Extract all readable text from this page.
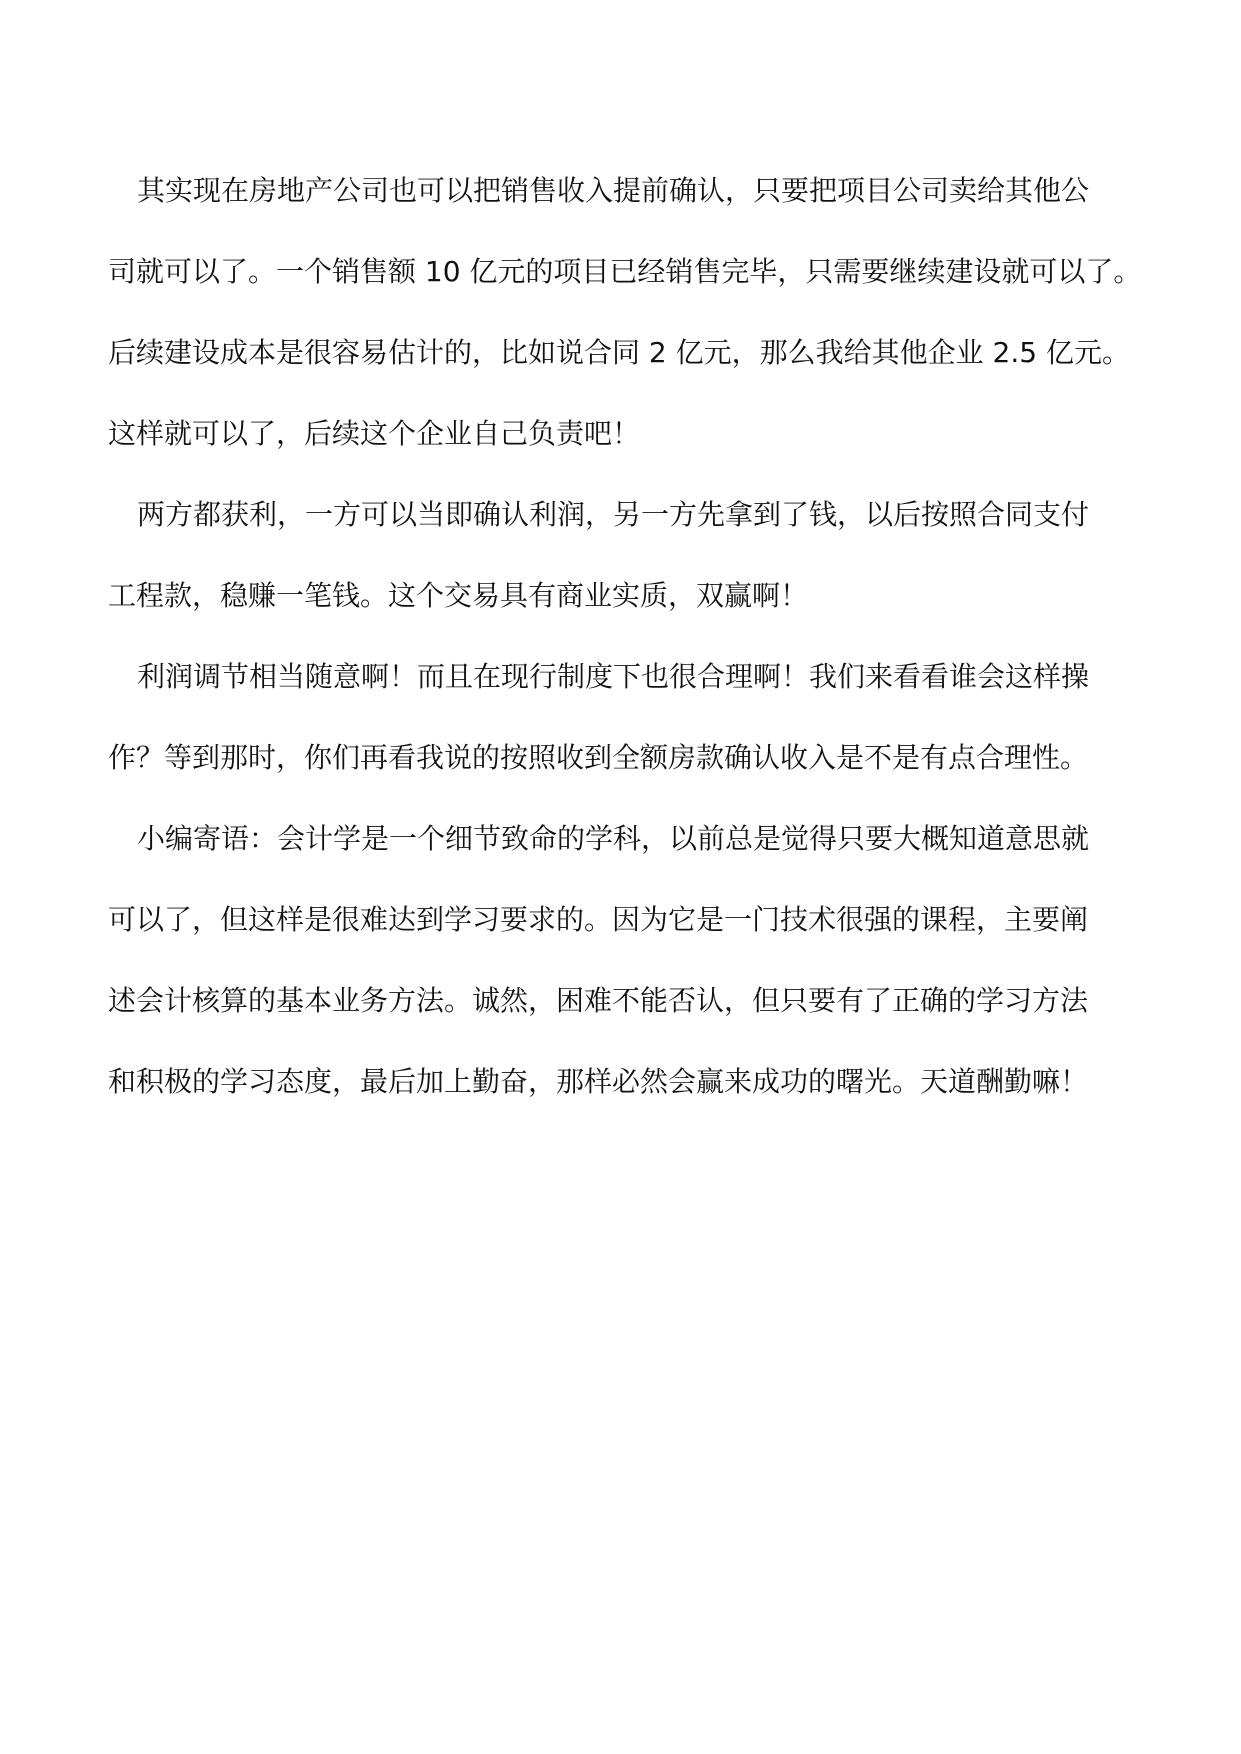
其实现在房地产公司也可以把销售收入提前确认，只要把项目公司卖给其他公
司就可以了。一个销售额 10 亿元的项目已经销售完毕，只需要继续建设就可以了。
后续建设成本是很容易估计的，比如说合同 2 亿元，那么我给其他企业 2.5 亿元。
这样就可以了，后续这个企业自己负责吧！
两方都获利，一方可以当即确认利润，另一方先拿到了钱，以后按照合同支付
工程款，稳赚一笔钱。这个交易具有商业实质，双赢啊！
利润调节相当随意啊！而且在现行制度下也很合理啊！我们来看看谁会这样操
作？等到那时，你们再看我说的按照收到全额房款确认收入是不是有点合理性。
小编寄语：会计学是一个细节致命的学科，以前总是觉得只要大概知道意思就
可以了，但这样是很难达到学习要求的。因为它是一门技术很强的课程，主要阐
述会计核算的基本业务方法。诚然，困难不能否认，但只要有了正确的学习方法
和积极的学习态度，最后加上勤奋，那样必然会赢来成功的曙光。天道酬勤嘛！
